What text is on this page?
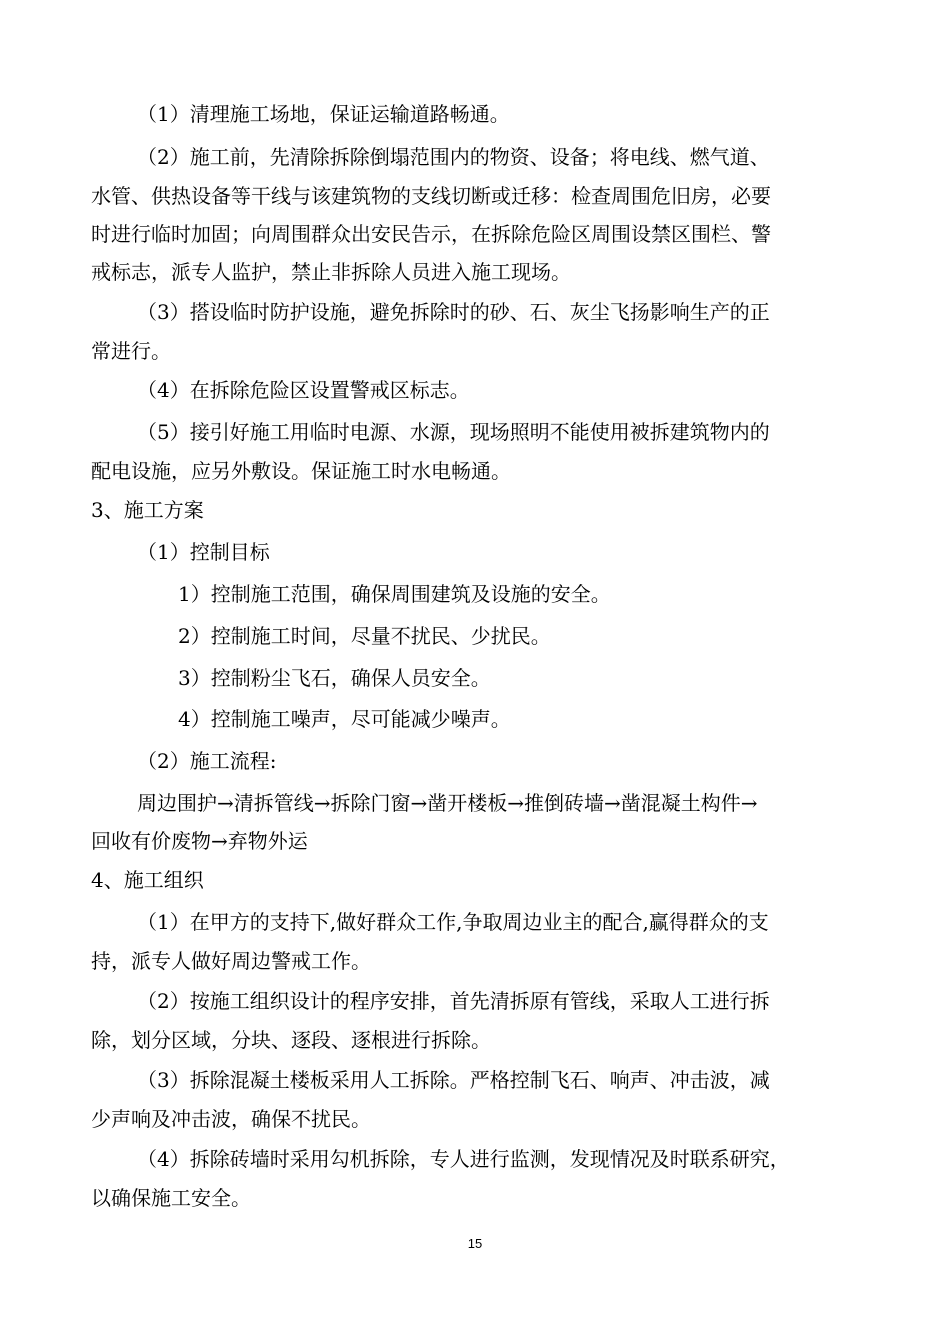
（1）清理施工场地，保证运输道路畅通。
（2）施工前，先清除拆除倒塌范围内的物资、设备；将电线、燃气道、
水管、供热设备等干线与该建筑物的支线切断或迁移：检查周围危旧房，必要
时进行临时加固；向周围群众出安民告示，在拆除危险区周围设禁区围栏、警
戒标志，派专人监护，禁止非拆除人员进入施工现场。
（3）搭设临时防护设施，避免拆除时的砂、石、灰尘飞扬影响生产的正
常进行。
（4）在拆除危险区设置警戒区标志。
（5）接引好施工用临时电源、水源，现场照明不能使用被拆建筑物内的
配电设施，应另外敷设。保证施工时水电畅通。
3、施工方案
（1）控制目标
1）控制施工范围，确保周围建筑及设施的安全。
2）控制施工时间，尽量不扰民、少扰民。
3）控制粉尘飞石，确保人员安全。
4）控制施工噪声，尽可能减少噪声。
（2）施工流程:
周边围护→清拆管线→拆除门窗→凿开楼板→推倒砖墙→凿混凝土构件→
回收有价废物→弃物外运
4、施工组织
（1）在甲方的支持下,做好群众工作,争取周边业主的配合,赢得群众的支
持，派专人做好周边警戒工作。
（2）按施工组织设计的程序安排，首先清拆原有管线，采取人工进行拆
除，划分区域，分块、逐段、逐根进行拆除。
（3）拆除混凝土楼板采用人工拆除。严格控制飞石、响声、冲击波，减
少声响及冲击波，确保不扰民。
（4）拆除砖墙时采用勾机拆除，专人进行监测，发现情况及时联系研究，
以确保施工安全。
15
